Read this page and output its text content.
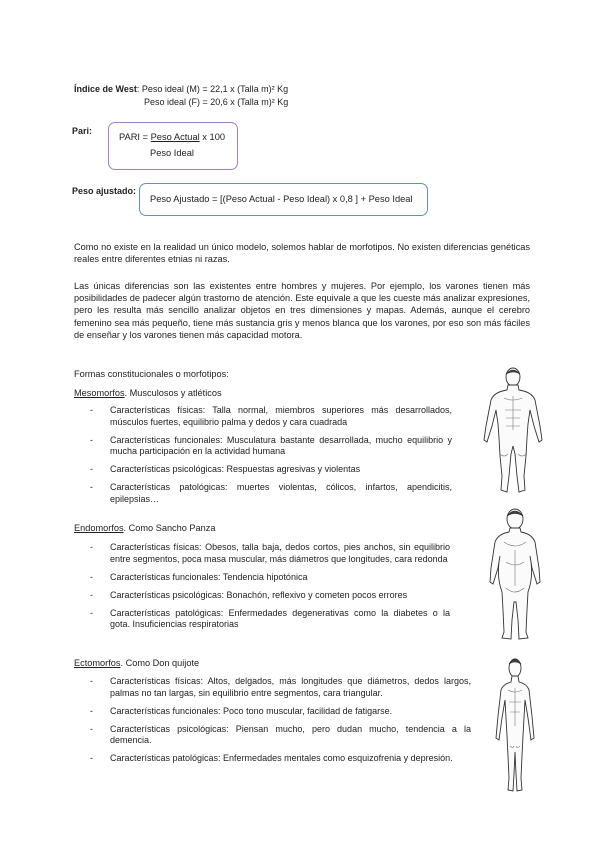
Índice de West: Peso ideal (M) = 22,1 x (Talla m)² Kg
Peso ideal (F) = 20,6 x (Talla m)² Kg
Pari:
PARI = Peso Actual x 100
Peso Ideal
Peso ajustado:
Peso Ajustado = [(Peso Actual - Peso Ideal) x 0,8 ] + Peso Ideal
Como no existe en la realidad un único modelo, solemos hablar de morfotipos. No existen diferencias genéticas reales entre diferentes etnias ni razas.
Las únicas diferencias son las existentes entre hombres y mujeres. Por ejemplo, los varones tienen más posibilidades de padecer algún trastorno de atención. Este equivale a que les cueste más analizar expresiones, pero les resulta más sencillo analizar objetos en tres dimensiones y mapas. Además, aunque el cerebro femenino sea más pequeño, tiene más sustancia gris y menos blanca que los varones, por eso son más fáciles de enseñar y los varones tienen más capacidad motora.
Formas constitucionales o morfotipos:
Mesomorfos. Musculosos y atléticos
- Características físicas: Talla normal, miembros superiores más desarrollados, músculos fuertes, equilibrio palma y dedos y cara cuadrada
- Características funcionales: Musculatura bastante desarrollada, mucho equilibrio y mucha participación en la actividad humana
- Características psicológicas: Respuestas agresivas y violentas
- Características patológicas: muertes violentas, cólicos, infartos, apendicitis, epilepsias…
Endomorfos. Como Sancho Panza
- Características físicas: Obesos, talla baja, dedos cortos, pies anchos, sin equilibrio entre segmentos, poca masa muscular, más diámetros que longitudes, cara redonda
- Características funcionales: Tendencia hipotónica
- Características psicológicas: Bonachón, reflexivo y cometen pocos errores
- Características patológicas: Enfermedades degenerativas como la diabetes o la gota. Insuficiencias respiratorias
Ectomorfos. Como Don quijote
- Características físicas: Altos, delgados, más longitudes que diámetros, dedos largos, palmas no tan largas, sin equilibrio entre segmentos, cara triangular.
- Características funcionales: Poco tono muscular, facilidad de fatigarse.
- Características psicológicas: Piensan mucho, pero dudan mucho, tendencia a la demencia.
- Características patológicas: Enfermedades mentales como esquizofrenia y depresión.
